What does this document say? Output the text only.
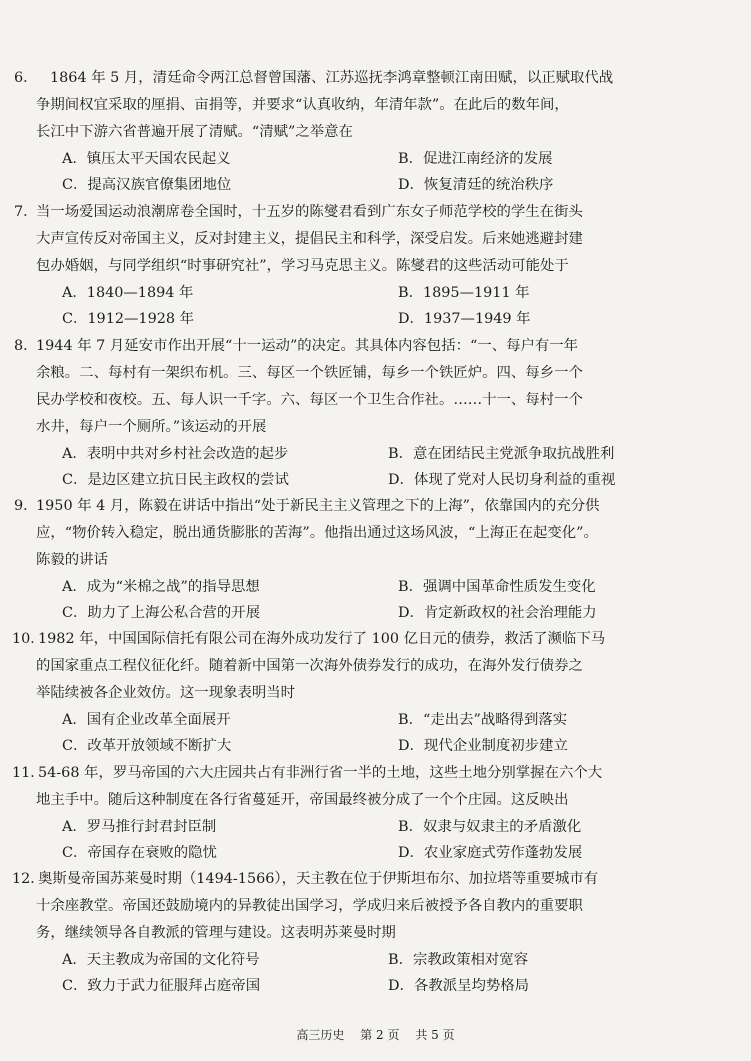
6． 1864 年 5 月，清廷命令两江总督曾国藩、江苏巡抚李鸿章整顿江南田赋，以正赋取代战
争期间权宜采取的厘捐、亩捐等，并要求“认真收纳，年清年款”。在此后的数年间，
长江中下游六省普遍开展了清赋。“清赋”之举意在
A．镇压太平天国农民起义	B．促进江南经济的发展
C．提高汉族官僚集团地位	D．恢复清廷的统治秩序
7．
当一场爱国运动浪潮席卷全国时，十五岁的陈燮君看到广东女子师范学校的学生在街头
大声宣传反对帝国主义，反对封建主义，提倡民主和科学，深受启发。后来她逃避封建
包办婚姻，与同学组织“时事研究社”，学习马克思主义。陈燮君的这些活动可能处于
A．1840—1894 年	B．1895—1911 年
C．1912—1928 年	D．1937—1949 年
8．
1944 年 7 月延安市作出开展“十一运动”的决定。其具体内容包括：“一、每户有一年
余粮。二、每村有一架织布机。三、每区一个铁匠铺，每乡一个铁匠炉。四、每乡一个
民办学校和夜校。五、每人识一千字。六、每区一个卫生合作社。……十一、每村一个
水井，每户一个厕所。”该运动的开展
A．表明中共对乡村社会改造的起步	B．意在团结民主党派争取抗战胜利
C．是边区建立抗日民主政权的尝试	D．体现了党对人民切身利益的重视
9．
1950 年 4 月，陈毅在讲话中指出“处于新民主主义管理之下的上海”，依靠国内的充分供
应，“物价转入稳定，脱出通货膨胀的苦海”。他指出通过这场风波，“上海正在起变化”。
陈毅的讲话
A．成为“米棉之战”的指导思想	B．强调中国革命性质发生变化
C．助力了上海公私合营的开展	D．肯定新政权的社会治理能力
10．
1982 年，中国国际信托有限公司在海外成功发行了 100 亿日元的债券，救活了濒临下马
的国家重点工程仪征化纤。随着新中国第一次海外债券发行的成功，在海外发行债券之
举陆续被各企业效仿。这一现象表明当时
A．国有企业改革全面展开	B．“走出去”战略得到落实
C．改革开放领域不断扩大	D．现代企业制度初步建立
11．
54-68 年，罗马帝国的六大庄园共占有非洲行省一半的土地，这些土地分别掌握在六个大
地主手中。随后这种制度在各行省蔓延开，帝国最终被分成了一个个庄园。这反映出
A．罗马推行封君封臣制	B．奴隶与奴隶主的矛盾激化
C．帝国存在衰败的隐忧	D．农业家庭式劳作蓬勃发展
12．
奥斯曼帝国苏莱曼时期（1494-1566），天主教在位于伊斯坦布尔、加拉塔等重要城市有
十余座教堂。帝国还鼓励境内的异教徒出国学习，学成归来后被授予各自教内的重要职
务，继续领导各自教派的管理与建设。这表明苏莱曼时期
A．天主教成为帝国的文化符号	B．宗教政策相对宽容
C．致力于武力征服拜占庭帝国	D．各教派呈均势格局
高三历史 第 2 页 共 5 页
